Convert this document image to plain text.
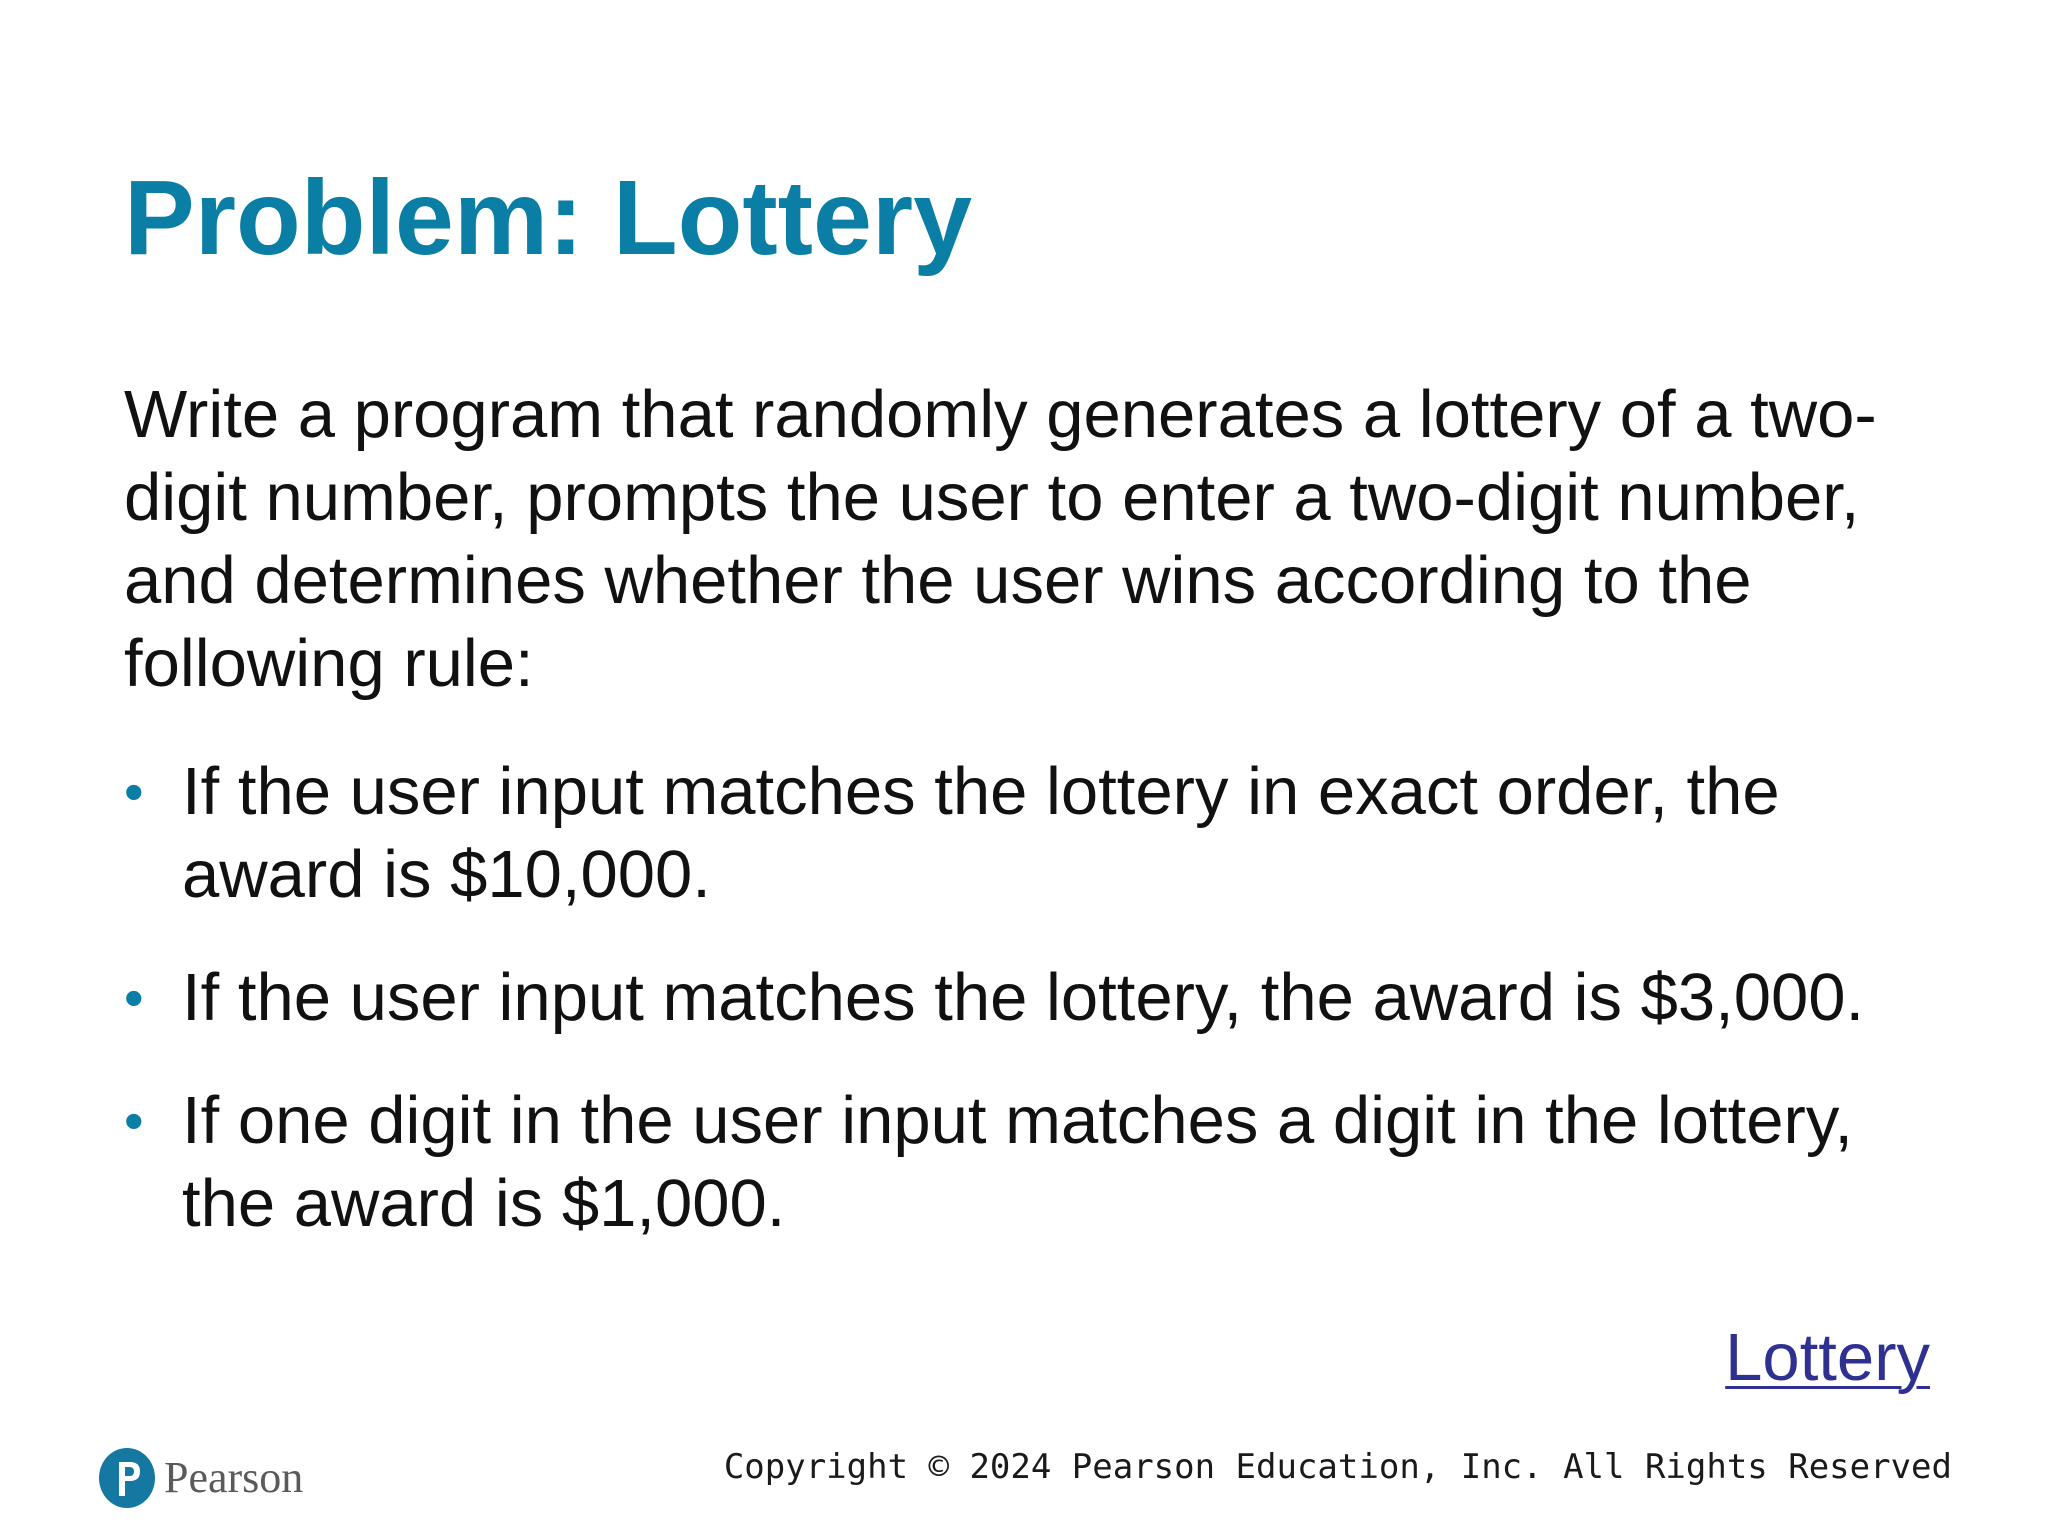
Problem: Lottery

Write a program that randomly generates a lottery of a two-digit number, prompts the user to enter a two-digit number, and determines whether the user wins according to the following rule:

• If the user input matches the lottery in exact order, the award is $10,000.
• If the user input matches the lottery, the award is $3,000.
• If one digit in the user input matches a digit in the lottery, the award is $1,000.
Lottery
Pearson	Copyright © 2024 Pearson Education, Inc. All Rights Reserved
